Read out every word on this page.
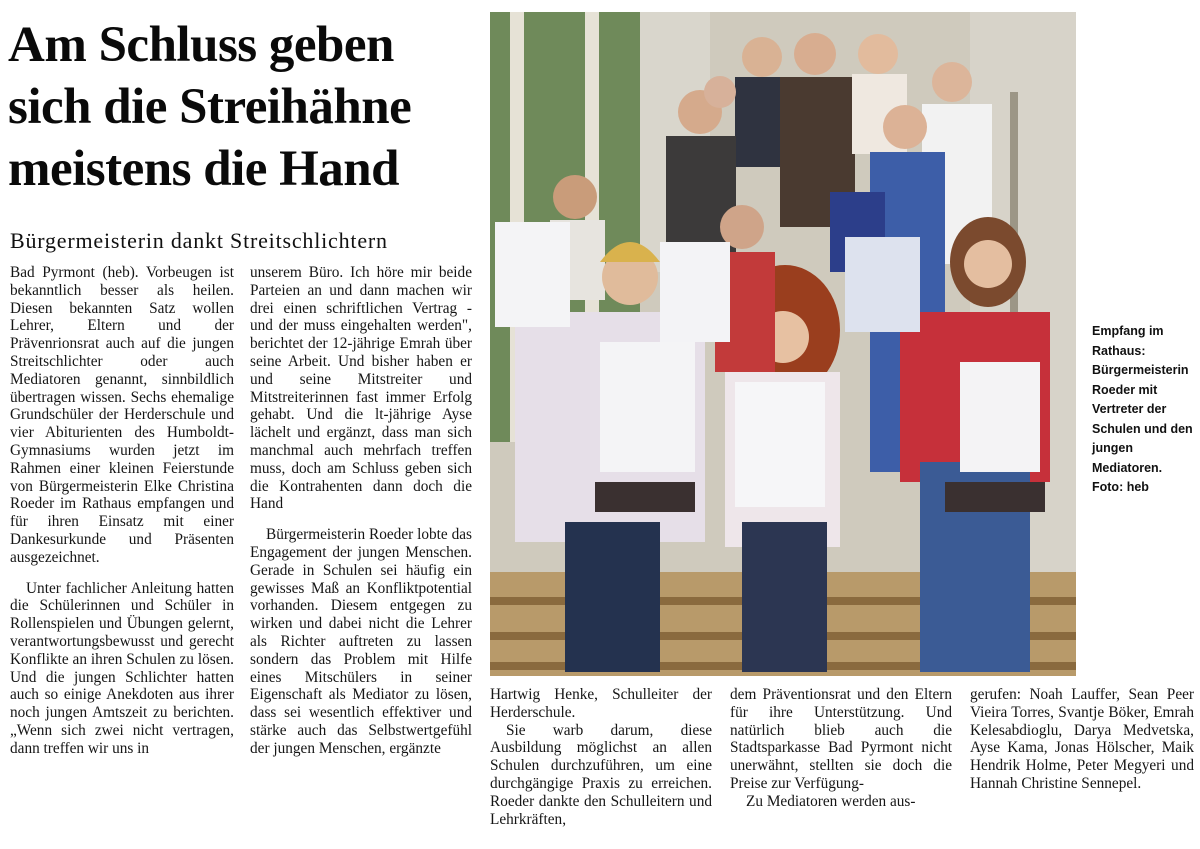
Am Schluss geben sich die Streihähne meistens die Hand
Bürgermeisterin dankt Streitschlichtern

Bad Pyrmont (heb). Vorbeugen ist bekanntlich besser als heilen. Diesen bekannten Satz wollen Lehrer, Eltern und der Prävenrionsrat auch auf die jungen Streitschlichter oder auch Mediatoren genannt, sinnbildlich übertragen wissen. Sechs ehemalige Grundschüler der Herderschule und vier Abiturienten des Humboldt-Gymnasiums wurden jetzt im Rahmen einer kleinen Feierstunde von Bürgermeisterin Elke Christina Roeder im Rathaus empfangen und für ihren Einsatz mit einer Dankesurkunde und Präsenten ausgezeichnet.

Unter fachlicher Anleitung hatten die Schülerinnen und Schüler in Rollenspielen und Übungen gelernt, verantwortungsbewusst und gerecht Konflikte an ihren Schulen zu lösen. Und die jungen Schlichter hatten auch so einige Anekdoten aus ihrer noch jungen Amtszeit zu berichten. „Wenn sich zwei nicht vertragen, dann treffen wir uns in

unserem Büro. Ich höre mir beide Parteien an und dann machen wir drei einen schriftlichen Vertrag - und der muss eingehalten werden", berichtet der 12-jährige Emrah über seine Arbeit. Und bisher haben er und seine Mitstreiter und Mitstreiterinnen fast immer Erfolg gehabt. Und die lt-jährige Ayse lächelt und ergänzt, dass man sich manchmal auch mehrfach treffen muss, doch am Schluss geben sich die Kontrahenten dann doch die Hand

Bürgermeisterin Roeder lobte das Engagement der jungen Menschen. Gerade in Schulen sei häufig ein gewisses Maß an Konfliktpotential vorhanden. Diesem entgegen zu wirken und dabei nicht die Lehrer als Richter auftreten zu lassen sondern das Problem mit Hilfe eines Mitschülers in seiner Eigenschaft als Mediator zu lösen, dass sei wesentlich effektiver und stärke auch das Selbstwertgefühl der jungen Menschen, ergänzte

Empfang im Rathaus: Bürgermeisterin Roeder mit Vertreter der Schulen und den jungen Mediatoren. Foto: heb

Hartwig Henke, Schulleiter der Herderschule.

Sie warb darum, diese Ausbildung möglichst an allen Schulen durchzuführen, um eine durchgängige Praxis zu erreichen. Roeder dankte den Schulleitern und Lehrkräften,

dem Präventionsrat und den Eltern für ihre Unterstützung. Und natürlich blieb auch die Stadtsparkasse Bad Pyrmont nicht unerwähnt, stellten sie doch die Preise zur Verfügung-

Zu Mediatoren werden aus-

gerufen: Noah Lauffer, Sean Peer Vieira Torres, Svantje Böker, Emrah Kelesabdioglu, Darya Medvetska, Ayse Kama, Jonas Hölscher, Maik Hendrik Holme, Peter Megyeri und Hannah Christine Sennepel.
